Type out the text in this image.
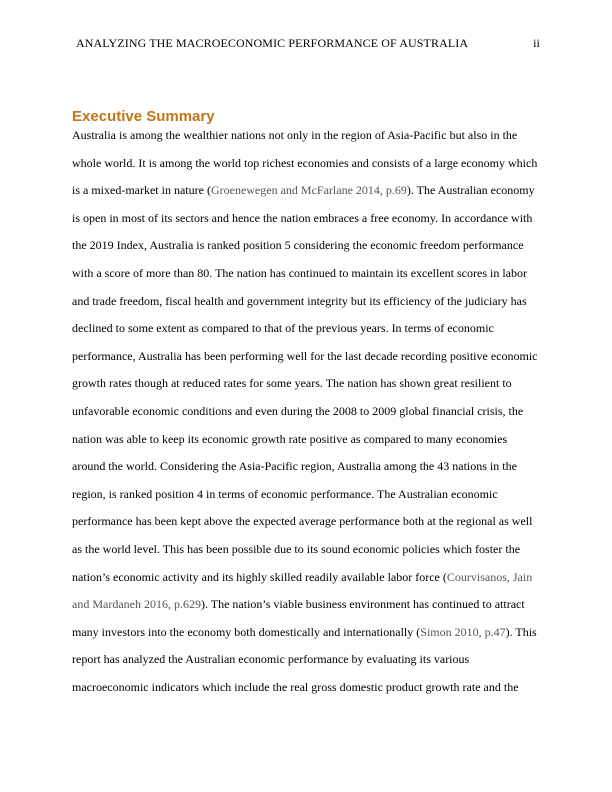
ANALYZING THE MACROECONOMIC PERFORMANCE OF AUSTRALIA	ii
Executive Summary
Australia is among the wealthier nations not only in the region of Asia-Pacific but also in the
whole world. It is among the world top richest economies and consists of a large economy which
is a mixed-market in nature (Groenewegen and McFarlane 2014, p.69). The Australian economy
is open in most of its sectors and hence the nation embraces a free economy. In accordance with
the 2019 Index, Australia is ranked position 5 considering the economic freedom performance
with a score of more than 80. The nation has continued to maintain its excellent scores in labor
and trade freedom, fiscal health and government integrity but its efficiency of the judiciary has
declined to some extent as compared to that of the previous years. In terms of economic
performance, Australia has been performing well for the last decade recording positive economic
growth rates though at reduced rates for some years. The nation has shown great resilient to
unfavorable economic conditions and even during the 2008 to 2009 global financial crisis, the
nation was able to keep its economic growth rate positive as compared to many economies
around the world. Considering the Asia-Pacific region, Australia among the 43 nations in the
region, is ranked position 4 in terms of economic performance. The Australian economic
performance has been kept above the expected average performance both at the regional as well
as the world level. This has been possible due to its sound economic policies which foster the
nation’s economic activity and its highly skilled readily available labor force (Courvisanos, Jain
and Mardaneh 2016, p.629). The nation’s viable business environment has continued to attract
many investors into the economy both domestically and internationally (Simon 2010, p.47). This
report has analyzed the Australian economic performance by evaluating its various
macroeconomic indicators which include the real gross domestic product growth rate and the
